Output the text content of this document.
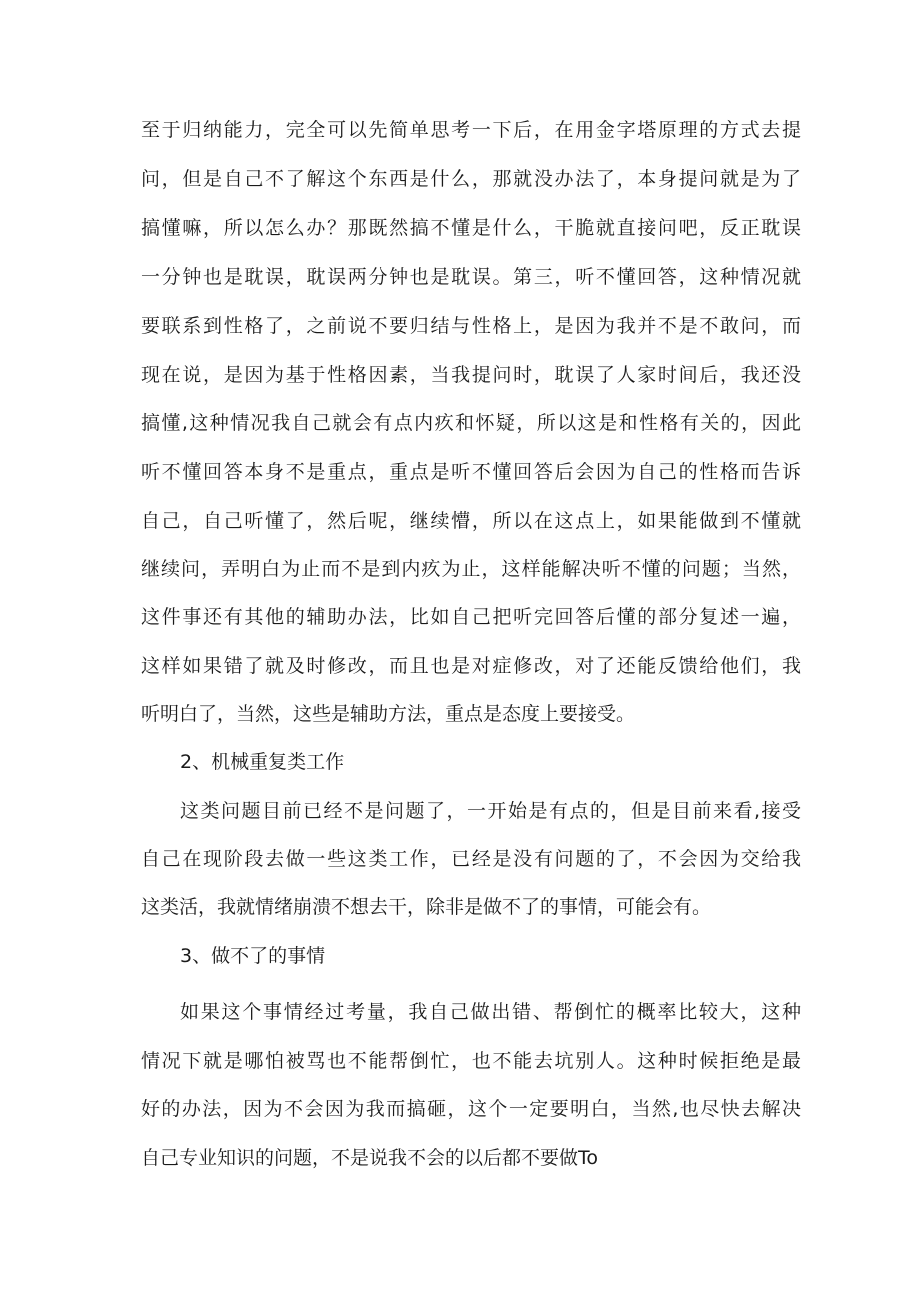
至于归纳能力，完全可以先简单思考一下后，在用金字塔原理的方式去提
问，但是自己不了解这个东西是什么，那就没办法了，本身提问就是为了
搞懂嘛，所以怎么办？那既然搞不懂是什么，干脆就直接问吧，反正耽误
一分钟也是耽误，耽误两分钟也是耽误。第三，听不懂回答，这种情况就
要联系到性格了，之前说不要归结与性格上，是因为我并不是不敢问，而
现在说，是因为基于性格因素，当我提问时，耽误了人家时间后，我还没
搞懂,这种情况我自己就会有点内疚和怀疑，所以这是和性格有关的，因此
听不懂回答本身不是重点，重点是听不懂回答后会因为自己的性格而告诉
自己，自己听懂了，然后呢，继续懵，所以在这点上，如果能做到不懂就
继续问，弄明白为止而不是到内疚为止，这样能解决听不懂的问题；当然，
这件事还有其他的辅助办法，比如自己把听完回答后懂的部分复述一遍，
这样如果错了就及时修改，而且也是对症修改，对了还能反馈给他们，我
听明白了，当然，这些是辅助方法，重点是态度上要接受。
2、机械重复类工作
这类问题目前已经不是问题了，一开始是有点的，但是目前来看,接受
自己在现阶段去做一些这类工作，已经是没有问题的了，不会因为交给我
这类活，我就情绪崩溃不想去干，除非是做不了的事情，可能会有。
3、做不了的事情
如果这个事情经过考量，我自己做出错、帮倒忙的概率比较大，这种
情况下就是哪怕被骂也不能帮倒忙，也不能去坑别人。这种时候拒绝是最
好的办法，因为不会因为我而搞砸，这个一定要明白，当然,也尽快去解决
自己专业知识的问题，不是说我不会的以后都不要做To
